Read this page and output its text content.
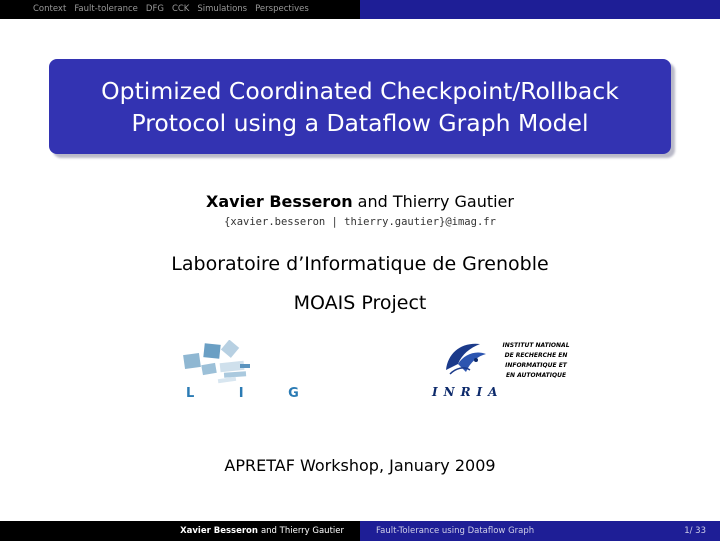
Context Fault-tolerance DFG CCK Simulations Perspectives
Optimized Coordinated Checkpoint/Rollback
Protocol using a Dataflow Graph Model
Xavier Besseron and Thierry Gautier
{xavier.besseron | thierry.gautier}@imag.fr
Laboratoire d’Informatique de Grenoble
MOAIS Project
L I G	INRIA
INSTITUT NATIONAL
DE RECHERCHE EN
INFORMATIQUE ET
EN AUTOMATIQUE
APRETAF Workshop, January 2009
Xavier Besseron and Thierry Gautier	Fault-Tolerance using Dataflow Graph	1/ 33
